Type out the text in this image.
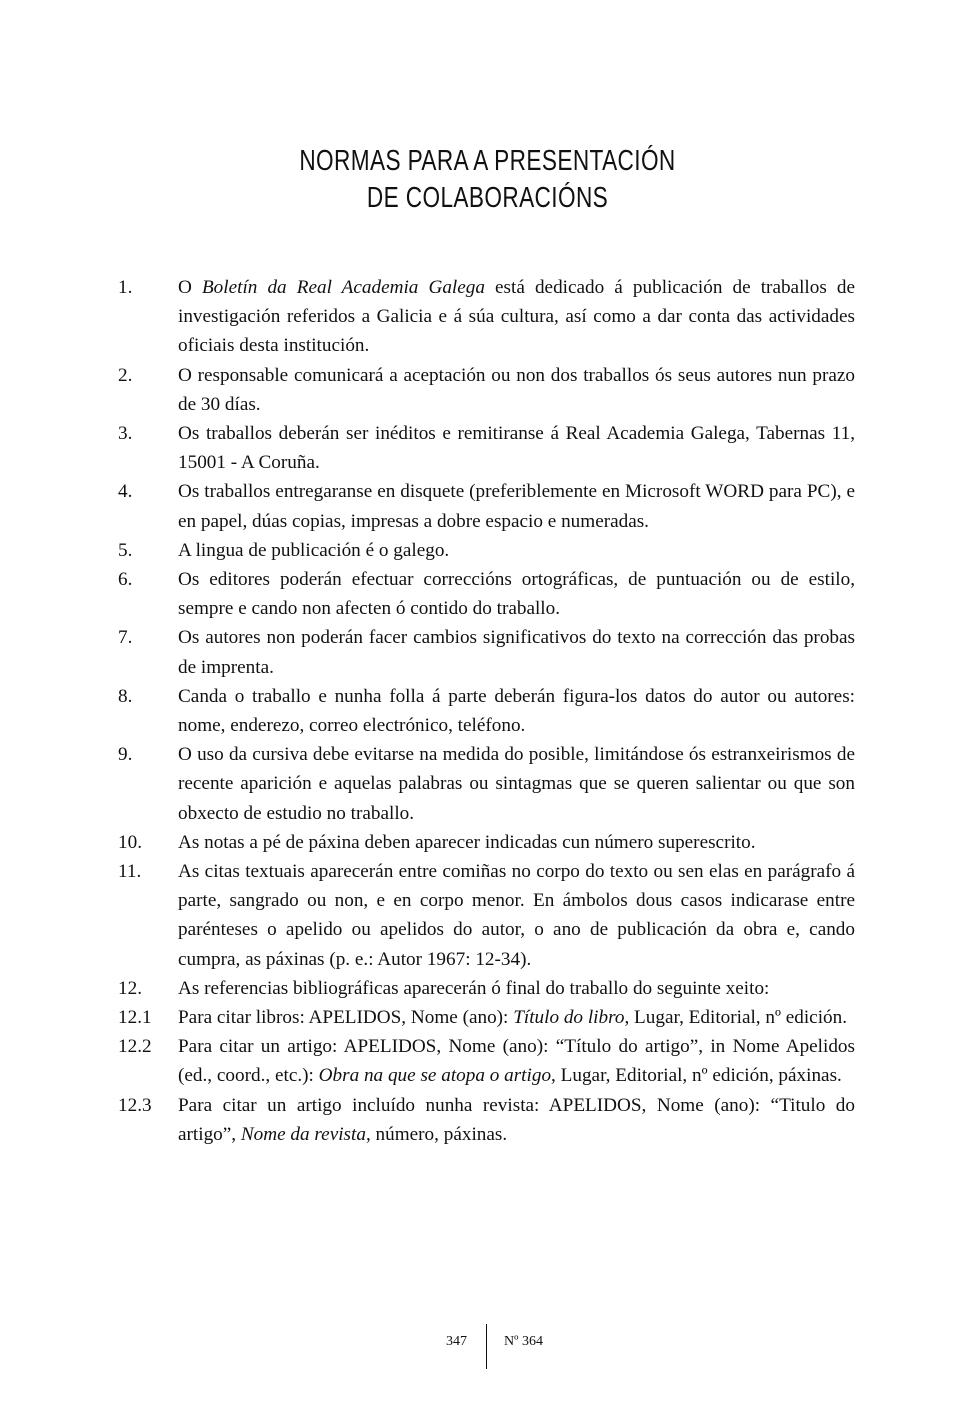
NORMAS PARA A PRESENTACIÓN
DE COLABORACIÓNS
1.	O Boletín da Real Academia Galega está dedicado á publicación de traballos de investigación referidos a Galicia e á súa cultura, así como a dar conta das actividades oficiais desta institución.
2.	O responsable comunicará a aceptación ou non dos traballos ós seus autores nun prazo de 30 días.
3.	Os traballos deberán ser inéditos e remitiranse á Real Academia Galega, Tabernas 11, 15001 - A Coruña.
4.	Os traballos entregaranse en disquete (preferiblemente en Microsoft WORD para PC), e en papel, dúas copias, impresas a dobre espacio e numeradas.
5.	A lingua de publicación é o galego.
6.	Os editores poderán efectuar correccións ortográficas, de puntuación ou de estilo, sempre e cando non afecten ó contido do traballo.
7.	Os autores non poderán facer cambios significativos do texto na corrección das probas de imprenta.
8.	Canda o traballo e nunha folla á parte deberán figura-los datos do autor ou autores: nome, enderezo, correo electrónico, teléfono.
9.	O uso da cursiva debe evitarse na medida do posible, limitándose ós estranxeirismos de recente aparición e aquelas palabras ou sintagmas que se queren salientar ou que son obxecto de estudio no traballo.
10.	As notas a pé de páxina deben aparecer indicadas cun número superescrito.
11.	As citas textuais aparecerán entre comiñas no corpo do texto ou sen elas en parágrafo á parte, sangrado ou non, e en corpo menor. En ámbolos dous casos indicarase entre parénteses o apelido ou apelidos do autor, o ano de publicación da obra e, cando cumpra, as páxinas (p. e.: Autor 1967: 12-34).
12.	As referencias bibliográficas aparecerán ó final do traballo do seguinte xeito:
12.1	Para citar libros: APELIDOS, Nome (ano): Título do libro, Lugar, Editorial, nº edición.
12.2	Para citar un artigo: APELIDOS, Nome (ano): “Título do artigo”, in Nome Apelidos (ed., coord., etc.): Obra na que se atopa o artigo, Lugar, Editorial, nº edición, páxinas.
12.3	Para citar un artigo incluído nunha revista: APELIDOS, Nome (ano): “Titulo do artigo”, Nome da revista, número, páxinas.
347	Nº 364
